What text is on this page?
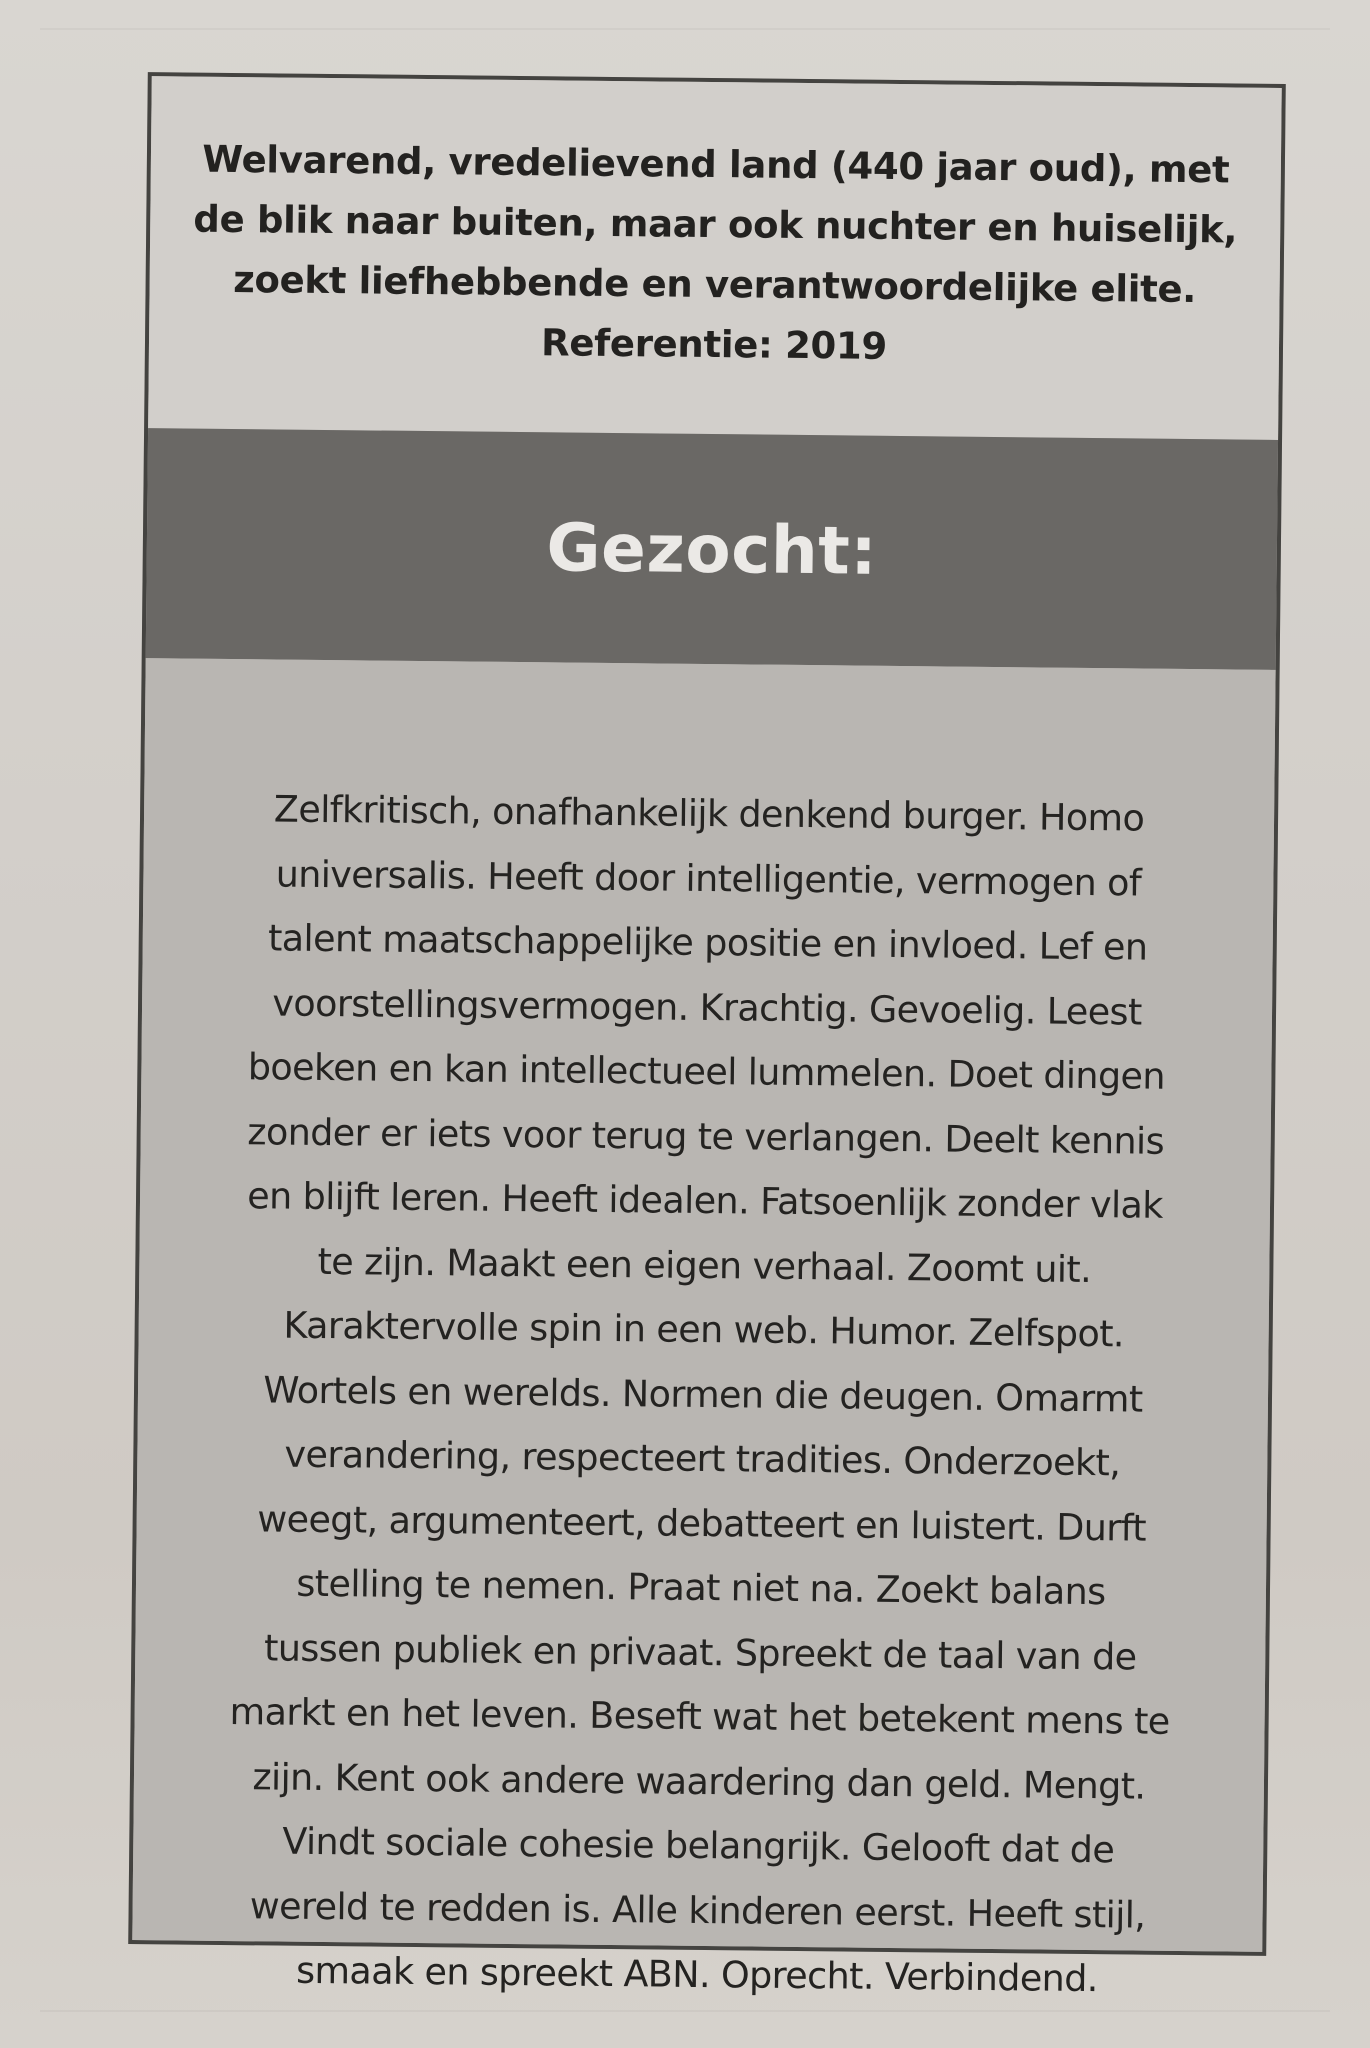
Welvarend, vredelievend land (440 jaar oud), met
de blik naar buiten, maar ook nuchter en huiselijk,
zoekt liefhebbende en verantwoordelijke elite.
Referentie: 2019
Gezocht:
Zelfkritisch, onafhankelijk denkend burger. Homo
universalis. Heeft door intelligentie, vermogen of
talent maatschappelijke positie en invloed. Lef en
voorstellingsvermogen. Krachtig. Gevoelig. Leest
boeken en kan intellectueel lummelen. Doet dingen
zonder er iets voor terug te verlangen. Deelt kennis
en blijft leren. Heeft idealen. Fatsoenlijk zonder vlak
te zijn. Maakt een eigen verhaal. Zoomt uit.
Karaktervolle spin in een web. Humor. Zelfspot.
Wortels en werelds. Normen die deugen. Omarmt
verandering, respecteert tradities. Onderzoekt,
weegt, argumenteert, debatteert en luistert. Durft
stelling te nemen. Praat niet na. Zoekt balans
tussen publiek en privaat. Spreekt de taal van de
markt en het leven. Beseft wat het betekent mens te
zijn. Kent ook andere waardering dan geld. Mengt.
Vindt sociale cohesie belangrijk. Gelooft dat de
wereld te redden is. Alle kinderen eerst. Heeft stijl,
smaak en spreekt ABN. Oprecht. Verbindend.
